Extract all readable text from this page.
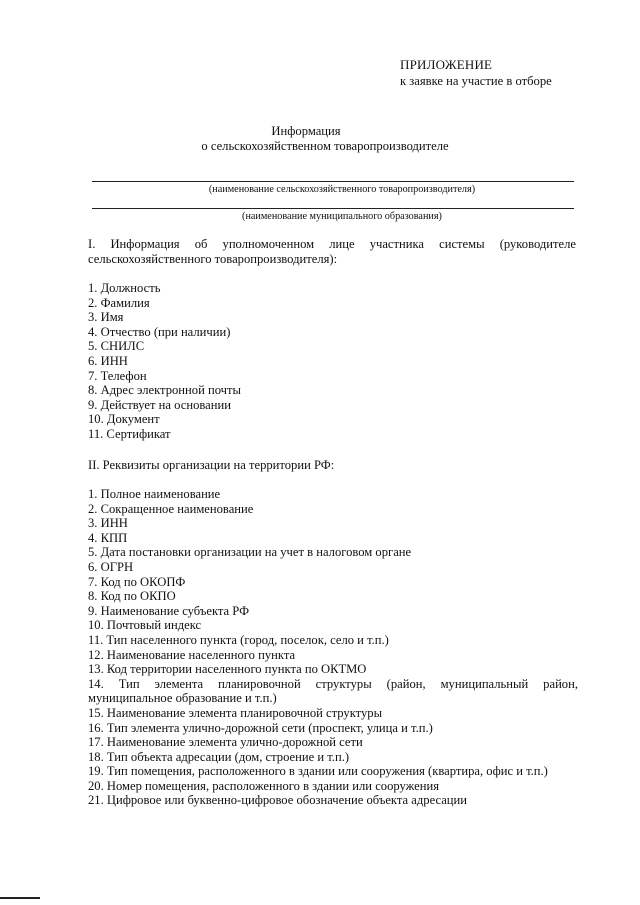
ПРИЛОЖЕНИЕ
к заявке на участие в отборе
Информация
о сельскохозяйственном товаропроизводителе
(наименование сельскохозяйственного товаропроизводителя)
(наименование муниципального образования)
I. Информация об уполномоченном лице участника системы (руководителе
сельскохозяйственного товаропроизводителя):
1. Должность
2. Фамилия
3. Имя
4. Отчество (при наличии)
5. СНИЛС
6. ИНН
7. Телефон
8. Адрес электронной почты
9. Действует на основании
10. Документ
11. Сертификат
II. Реквизиты организации на территории РФ:
1. Полное наименование
2. Сокращенное наименование
3. ИНН
4. КПП
5. Дата постановки организации на учет в налоговом органе
6. ОГРН
7. Код по ОКОПФ
8. Код по ОКПО
9. Наименование субъекта РФ
10. Почтовый индекс
11. Тип населенного пункта (город, поселок, село и т.п.)
12. Наименование населенного пункта
13. Код территории населенного пункта по ОКТМО
14. Тип элемента планировочной структуры (район, муниципальный район,
муниципальное образование и т.п.)
15. Наименование элемента планировочной структуры
16. Тип элемента улично-дорожной сети (проспект, улица и т.п.)
17. Наименование элемента улично-дорожной сети
18. Тип объекта адресации (дом, строение и т.п.)
19. Тип помещения, расположенного в здании или сооружения (квартира, офис и т.п.)
20. Номер помещения, расположенного в здании или сооружения
21. Цифровое или буквенно-цифровое обозначение объекта адресации
